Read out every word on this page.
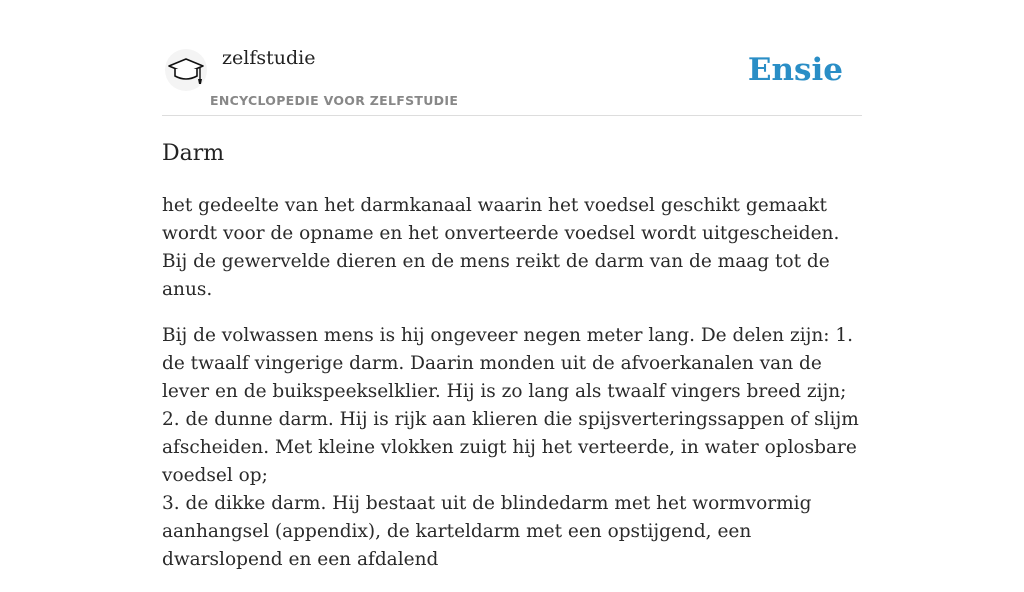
zelfstudie
ENCYCLOPEDIE VOOR ZELFSTUDIE
Ensie
Darm

het gedeelte van het darmkanaal waarin het voedsel geschikt gemaakt wordt voor de opname en het onverteerde voedsel wordt uitgescheiden. Bij de gewervelde dieren en de mens reikt de darm van de maag tot de anus.

Bij de volwassen mens is hij ongeveer negen meter lang. De delen zijn: 1. de twaalf vingerige darm. Daarin monden uit de afvoerkanalen van de lever en de buikspeekselklier. Hij is zo lang als twaalf vingers breed zijn;
2. de dunne darm. Hij is rijk aan klieren die spijsverteringssappen of slijm afscheiden. Met kleine vlokken zuigt hij het verteerde, in water oplosbare voedsel op;
3. de dikke darm. Hij bestaat uit de blindedarm met het wormvormig aanhangsel (appendix), de karteldarm met een opstijgend, een dwarslopend en een afdalend
